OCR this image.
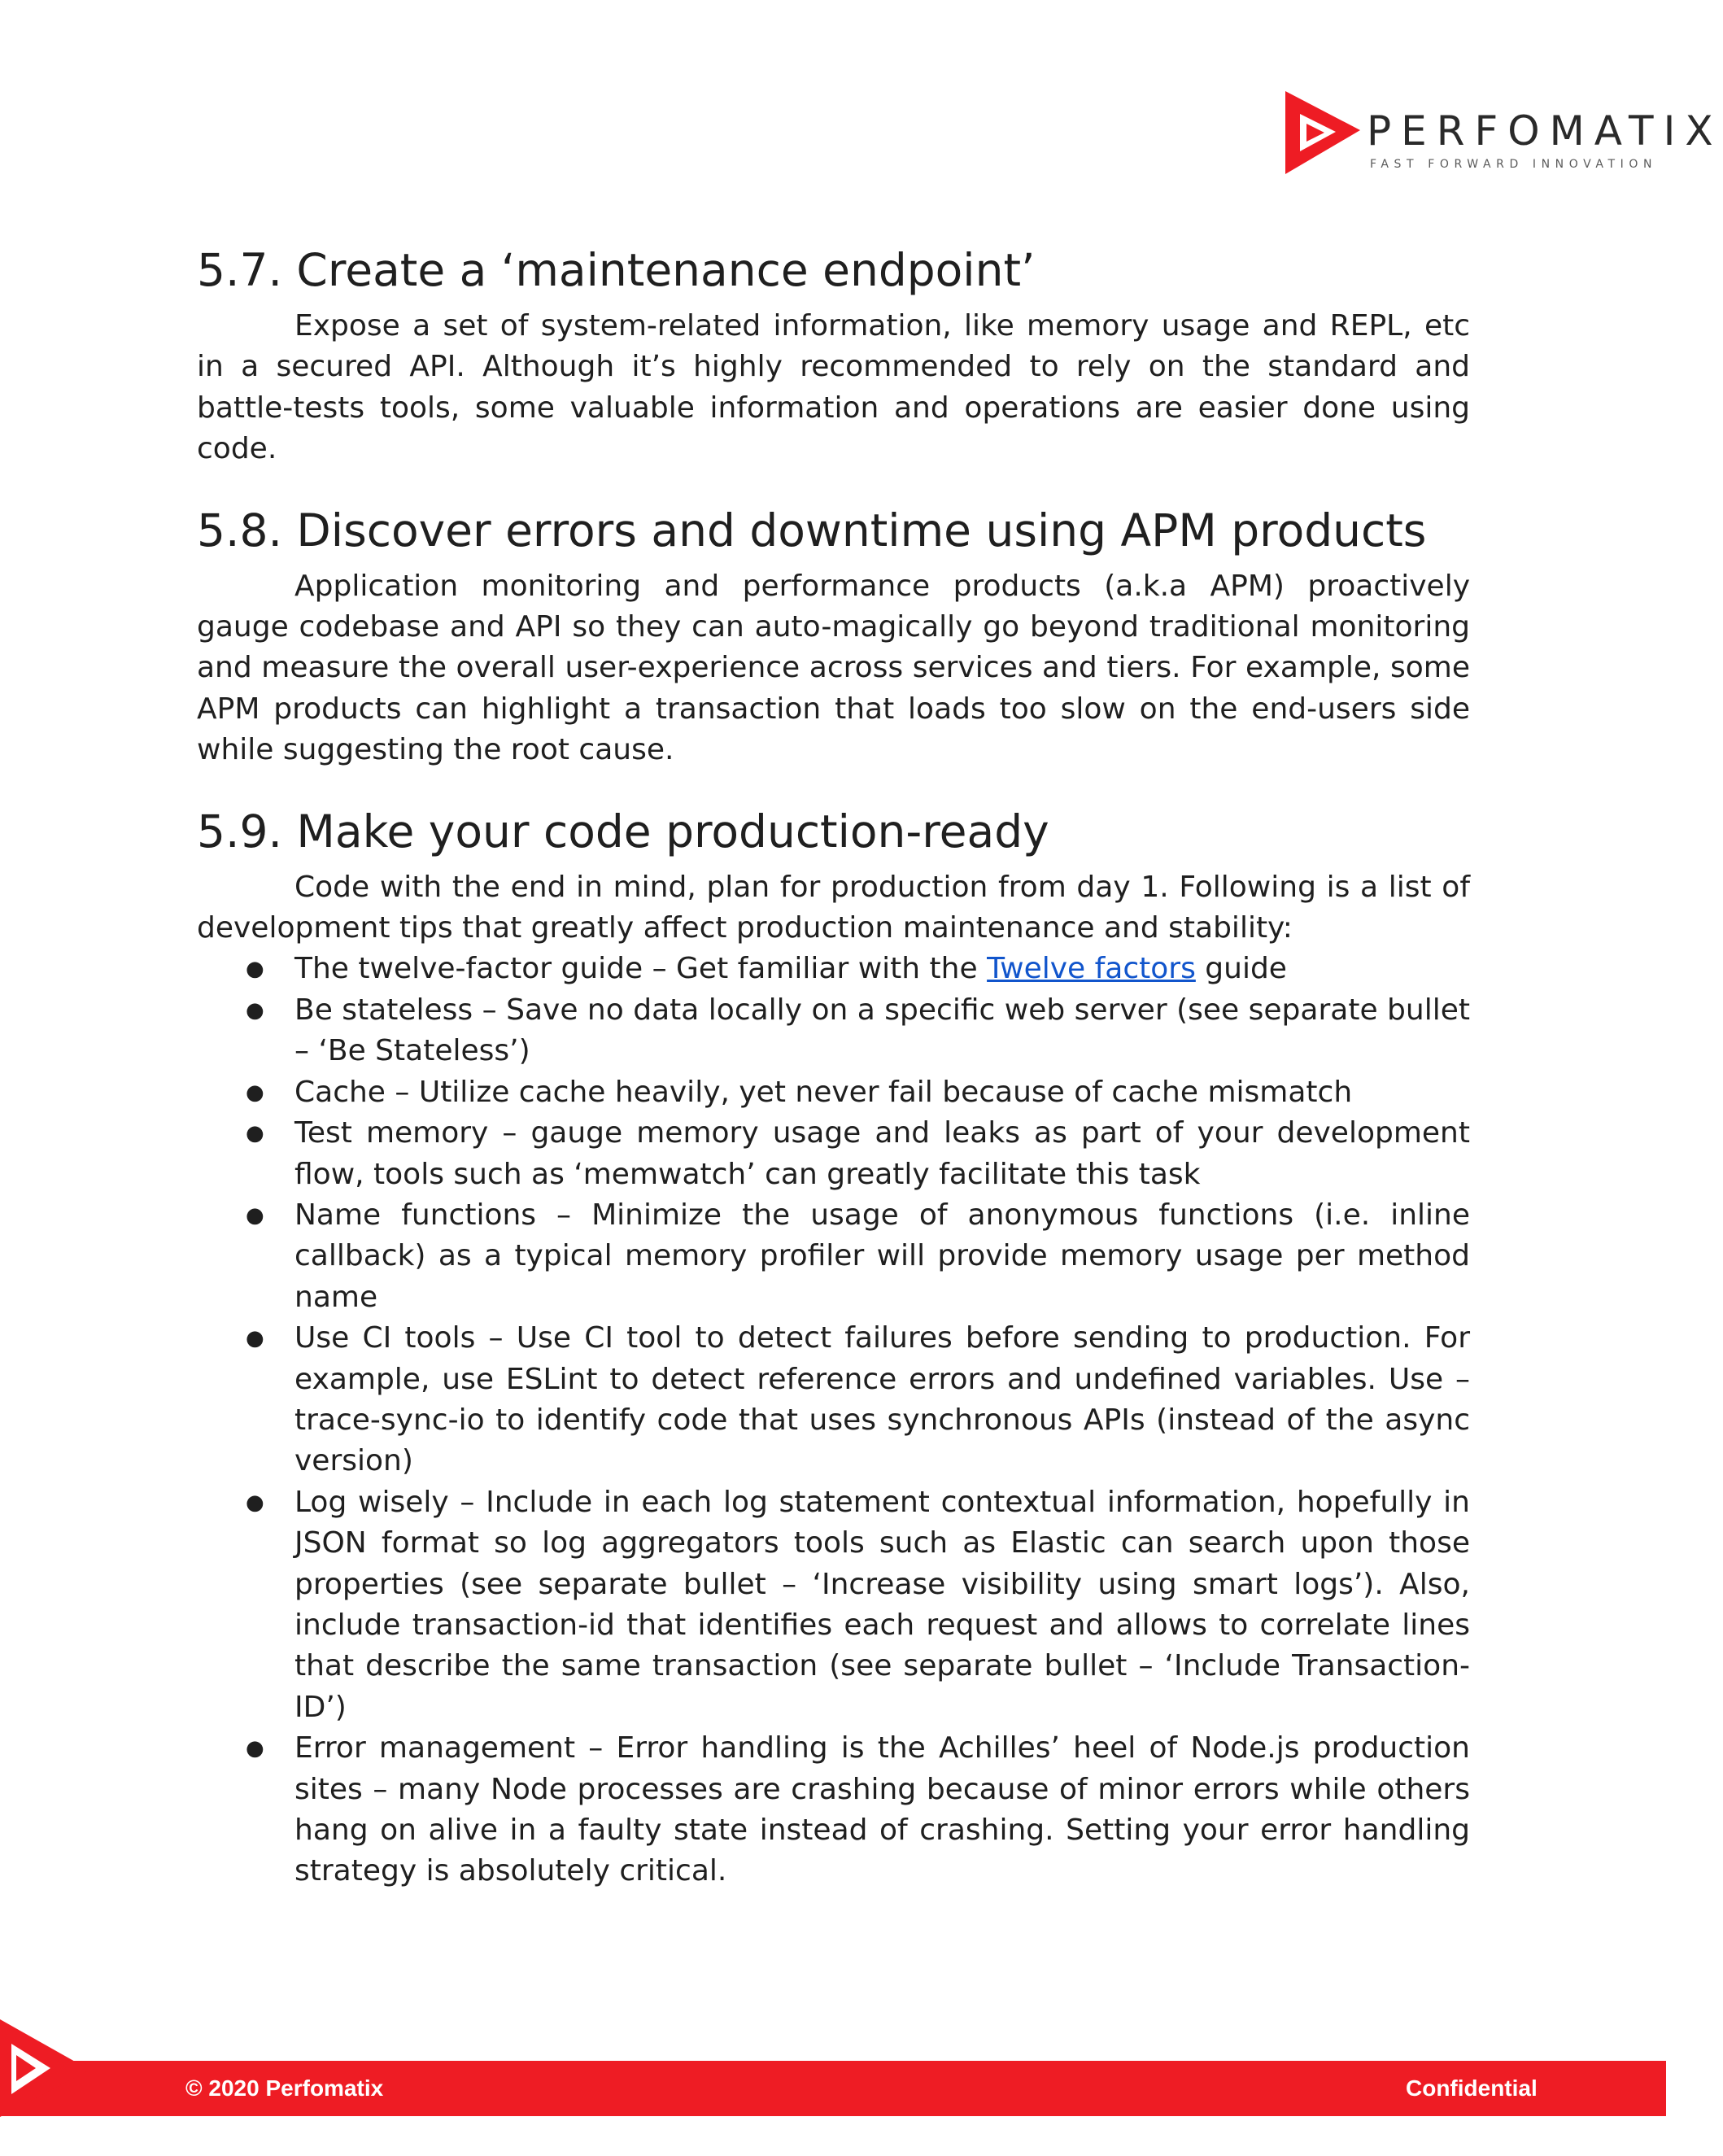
PERFOMATIX
FAST FORWARD INNOVATION
5.7. Create a ‘maintenance endpoint’

Expose a set of system-related information, like memory usage and REPL, etc in a secured API. Although it’s highly recommended to rely on the standard and battle-tests tools, some valuable information and operations are easier done using code.

5.8. Discover errors and downtime using APM products

Application monitoring and performance products (a.k.a APM) proactively gauge codebase and API so they can auto-magically go beyond traditional monitoring and measure the overall user-experience across services and tiers. For example, some APM products can highlight a transaction that loads too slow on the end-users side while suggesting the root cause.

5.9. Make your code production-ready

Code with the end in mind, plan for production from day 1. Following is a list of development tips that greatly affect production maintenance and stability:

● The twelve-factor guide – Get familiar with the Twelve factors guide
● Be stateless – Save no data locally on a specific web server (see separate bullet – ‘Be Stateless’)
● Cache – Utilize cache heavily, yet never fail because of cache mismatch
● Test memory – gauge memory usage and leaks as part of your development flow, tools such as ‘memwatch’ can greatly facilitate this task
● Name functions – Minimize the usage of anonymous functions (i.e. inline callback) as a typical memory profiler will provide memory usage per method name
● Use CI tools – Use CI tool to detect failures before sending to production. For example, use ESLint to detect reference errors and undefined variables. Use –trace-sync-io to identify code that uses synchronous APIs (instead of the async version)
● Log wisely – Include in each log statement contextual information, hopefully in JSON format so log aggregators tools such as Elastic can search upon those properties (see separate bullet – ‘Increase visibility using smart logs’). Also, include transaction-id that identifies each request and allows to correlate lines that describe the same transaction (see separate bullet – ‘Include Transaction-ID’)
● Error management – Error handling is the Achilles’ heel of Node.js production sites – many Node processes are crashing because of minor errors while others hang on alive in a faulty state instead of crashing. Setting your error handling strategy is absolutely critical.
© 2020 Perfomatix	Confidential
